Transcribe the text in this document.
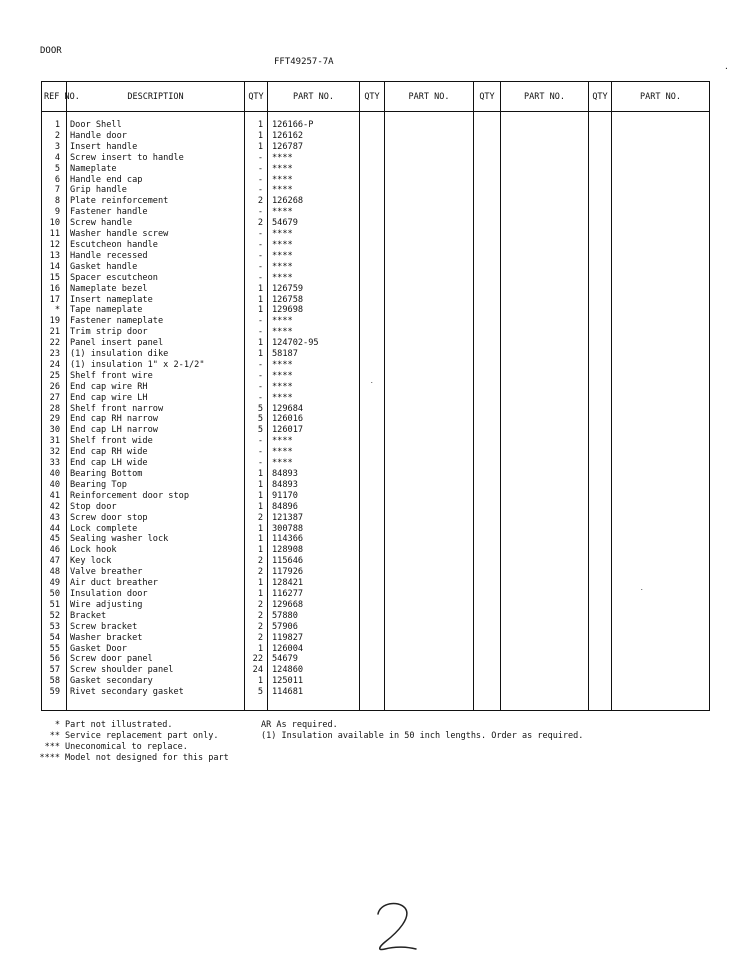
DOOR
FFT49257-7A	.
.
.
REF NO.	DESCRIPTION	QTY	PART NO.	QTY	PART NO.	QTY	PART NO.	QTY	PART NO.

1	Door Shell	1	126166-P						
2	Handle door	1	126162						
3	Insert handle	1	126787						
4	Screw insert to handle	-	****						
5	Nameplate	-	****						
6	Handle end cap	-	****						
7	Grip handle	-	****						
8	Plate reinforcement	2	126268						
9	Fastener handle	-	****						
10	Screw handle	2	54679						
11	Washer handle screw	-	****						
12	Escutcheon handle	-	****						
13	Handle recessed	-	****						
14	Gasket handle	-	****						
15	Spacer escutcheon	-	****						
16	Nameplate bezel	1	126759						
17	Insert nameplate	1	126758						
*	Tape nameplate	1	129698						
19	Fastener nameplate	-	****						
21	Trim strip door	-	****						
22	Panel insert panel	1	124702-95						
23	(1) insulation dike	1	58187						
24	(1) insulation 1" x 2-1/2"	-	****						
25	Shelf front wire	-	****						
26	End cap wire RH	-	****						
27	End cap wire LH	-	****						
28	Shelf front narrow	5	129684						
29	End cap RH narrow	5	126016						
30	End cap LH narrow	5	126017						
31	Shelf front wide	-	****						
32	End cap RH wide	-	****						
33	End cap LH wide	-	****						
40	Bearing Bottom	1	84893						
40	Bearing Top	1	84893						
41	Reinforcement door stop	1	91170						
42	Stop door	1	84896						
43	Screw door stop	2	121387						
44	Lock complete	1	300788						
45	Sealing washer lock	1	114366						
46	Lock hook	1	128908						
47	Key lock	2	115646						
48	Valve breather	2	117926						
49	Air duct breather	1	128421						
50	Insulation door	1	116277						
51	Wire adjusting	2	129668						
52	Bracket	2	57880						
53	Screw bracket	2	57906						
54	Washer bracket	2	119827						
55	Gasket Door	1	126004						
56	Screw door panel	22	54679						
57	Screw shoulder panel	24	124860						
58	Gasket secondary	1	125011						
59	Rivet secondary gasket	5	114681						

* Part not illustrated.
** Service replacement part only.
*** Uneconomical to replace.
**** Model not designed for this part
AR As required.
(1) Insulation available in 50 inch lengths. Order as required.
